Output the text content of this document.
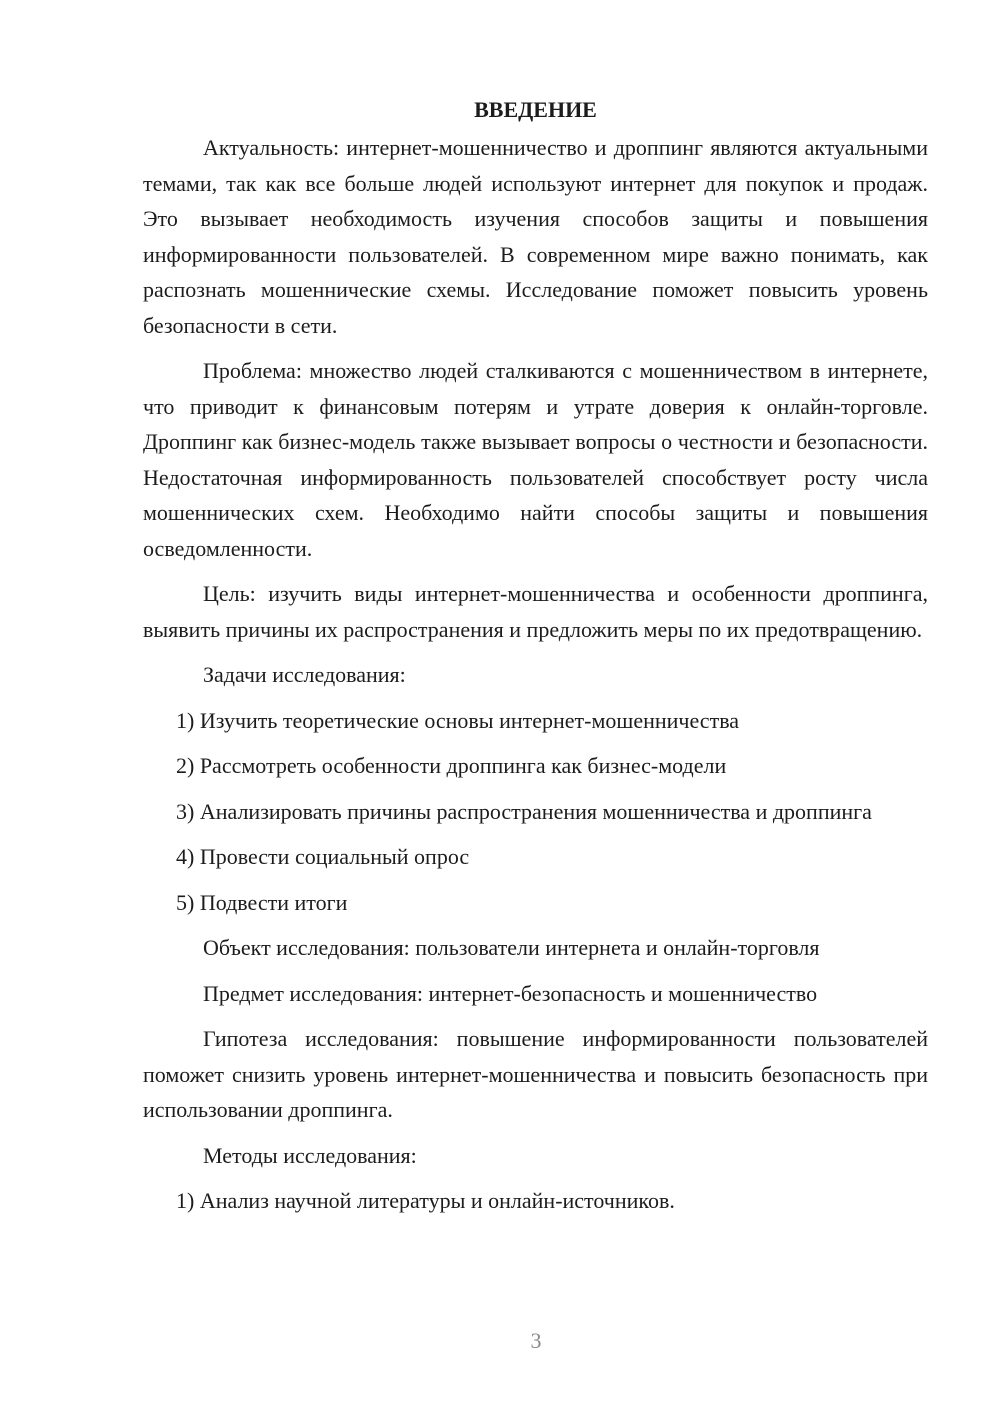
ВВЕДЕНИЕ

Актуальность: интернет-мошенничество и дроппинг являются актуальными темами, так как все больше людей используют интернет для покупок и продаж. Это вызывает необходимость изучения способов защиты и повышения информированности пользователей. В современном мире важно понимать, как распознать мошеннические схемы. Исследование поможет повысить уровень безопасности в сети.

Проблема: множество людей сталкиваются с мошенничеством в интернете, что приводит к финансовым потерям и утрате доверия к онлайн-торговле. Дроппинг как бизнес-модель также вызывает вопросы о честности и безопасности. Недостаточная информированность пользователей способствует росту числа мошеннических схем. Необходимо найти способы защиты и повышения осведомленности.

Цель: изучить виды интернет-мошенничества и особенности дроппинга, выявить причины их распространения и предложить меры по их предотвращению.

Задачи исследования:

1) Изучить теоретические основы интернет-мошенничества

2) Рассмотреть особенности дроппинга как бизнес-модели

3) Анализировать причины распространения мошенничества и дроппинга

4) Провести социальный опрос

5) Подвести итоги

Объект исследования: пользователи интернета и онлайн-торговля

Предмет исследования: интернет-безопасность и мошенничество

Гипотеза исследования: повышение информированности пользователей поможет снизить уровень интернет-мошенничества и повысить безопасность при использовании дроппинга.

Методы исследования:

1) Анализ научной литературы и онлайн-источников.

3
